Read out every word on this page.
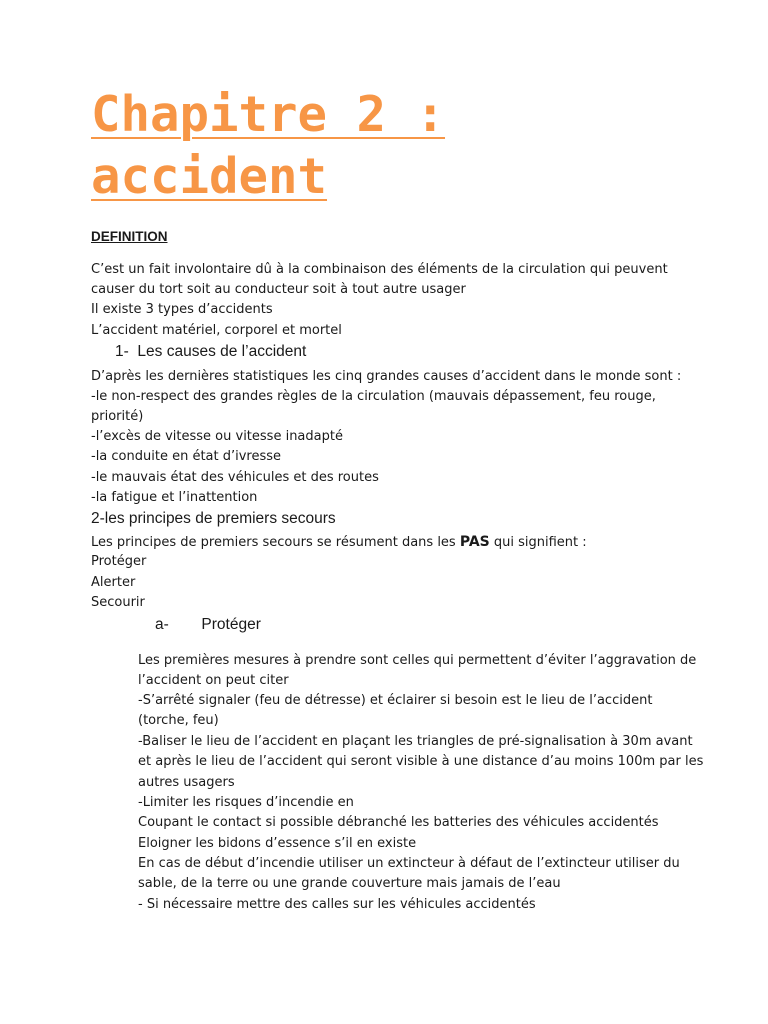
Chapitre 2 :
accident
DEFINITION
C’est un fait involontaire dû à la combinaison des éléments de la circulation qui peuvent
causer du tort soit au conducteur soit à tout autre usager
Il existe 3 types d’accidents
L’accident matériel, corporel et mortel
1- Les causes de l’accident
D’après les dernières statistiques les cinq grandes causes d’accident dans le monde sont :
-le non-respect des grandes règles de la circulation (mauvais dépassement, feu rouge,
priorité)
-l’excès de vitesse ou vitesse inadapté
-la conduite en état d’ivresse
-le mauvais état des véhicules et des routes
-la fatigue et l’inattention
2-les principes de premiers secours
Les principes de premiers secours se résument dans les PAS qui signifient :
Protéger
Alerter
Secourir
a- Protéger
Les premières mesures à prendre sont celles qui permettent d’éviter l’aggravation de
l’accident on peut citer
-S’arrêté signaler (feu de détresse) et éclairer si besoin est le lieu de l’accident
(torche, feu)
-Baliser le lieu de l’accident en plaçant les triangles de pré-signalisation à 30m avant
et après le lieu de l’accident qui seront visible à une distance d’au moins 100m par les
autres usagers
-Limiter les risques d’incendie en
Coupant le contact si possible débranché les batteries des véhicules accidentés
Eloigner les bidons d’essence s’il en existe
En cas de début d’incendie utiliser un extincteur à défaut de l’extincteur utiliser du
sable, de la terre ou une grande couverture mais jamais de l’eau
- Si nécessaire mettre des calles sur les véhicules accidentés
